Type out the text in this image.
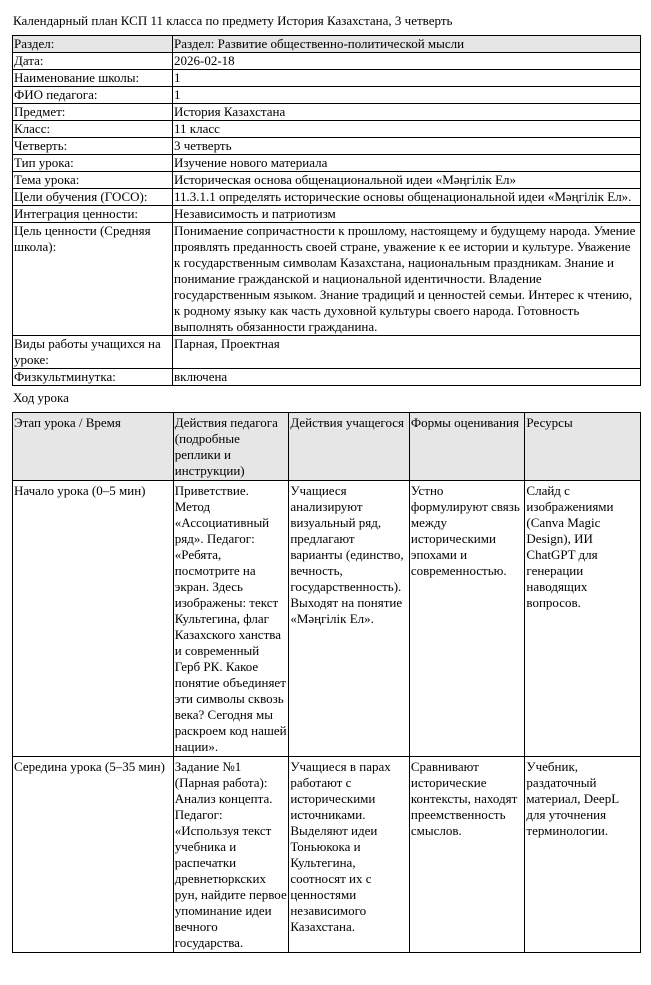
Календарный план КСП 11 класса по предмету История Казахстана, 3 четверть
Раздел:	Раздел: Развитие общественно-политической мысли
Дата:	2026-02-18
Наименование школы:	1
ФИО педагога:	1
Предмет:	История Казахстана
Класс:	11 класс
Четверть:	3 четверть
Тип урока:	Изучение нового материала
Тема урока:	Историческая основа общенациональной идеи «Мәңгілік Ел»
Цели обучения (ГОСО):	11.3.1.1 определять исторические основы общенациональной идеи «Мәңгілік Ел».
Интеграция ценности:	Независимость и патриотизм
Цель ценности (Средняя школа):	Понимаение сопричастности к прошлому, настоящему и будущему народа. Умение проявлять преданность своей стране, уважение к ее истории и культуре. Уважение к государственным символам Казахстана, национальным праздникам. Знание и понимание гражданской и национальной идентичности. Владение государственным языком. Знание традиций и ценностей семьи. Интерес к чтению, к родному языку как часть духовной культуры своего народа. Готовность выполнять обязанности гражданина.
Виды работы учащихся на уроке:	Парная, Проектная
Физкультминутка:	включена
Ход урока
Этап урока / Время	Действия педагога (подробные реплики и инструкции)	Действия учащегося	Формы оценивания	Ресурсы
Начало урока (0–5 мин)	Приветствие. Метод «Ассоциативный ряд». Педагог: «Ребята, посмотрите на экран. Здесь изображены: текст Культегина, флаг Казахского ханства и современный Герб РК. Какое понятие объединяет эти символы сквозь века? Сегодня мы раскроем код нашей нации».	Учащиеся анализируют визуальный ряд, предлагают варианты (единство, вечность, государственность). Выходят на понятие «Мәңгілік Ел».	Устно формулируют связь между историческими эпохами и современностью.	Слайд с изображениями (Canva Magic Design), ИИ ChatGPT для генерации наводящих вопросов.
Середина урока (5–35 мин)	Задание №1 (Парная работа): Анализ концепта. Педагог: «Используя текст учебника и распечатки древнетюркских рун, найдите первое упоминание идеи вечного государства.	Учащиеся в парах работают с историческими источниками. Выделяют идеи Тоньюкока и Культегина, соотносят их с ценностями независимого Казахстана.	Сравнивают исторические контексты, находят преемственность смыслов.	Учебник, раздаточный материал, DeepL для уточнения терминологии.
